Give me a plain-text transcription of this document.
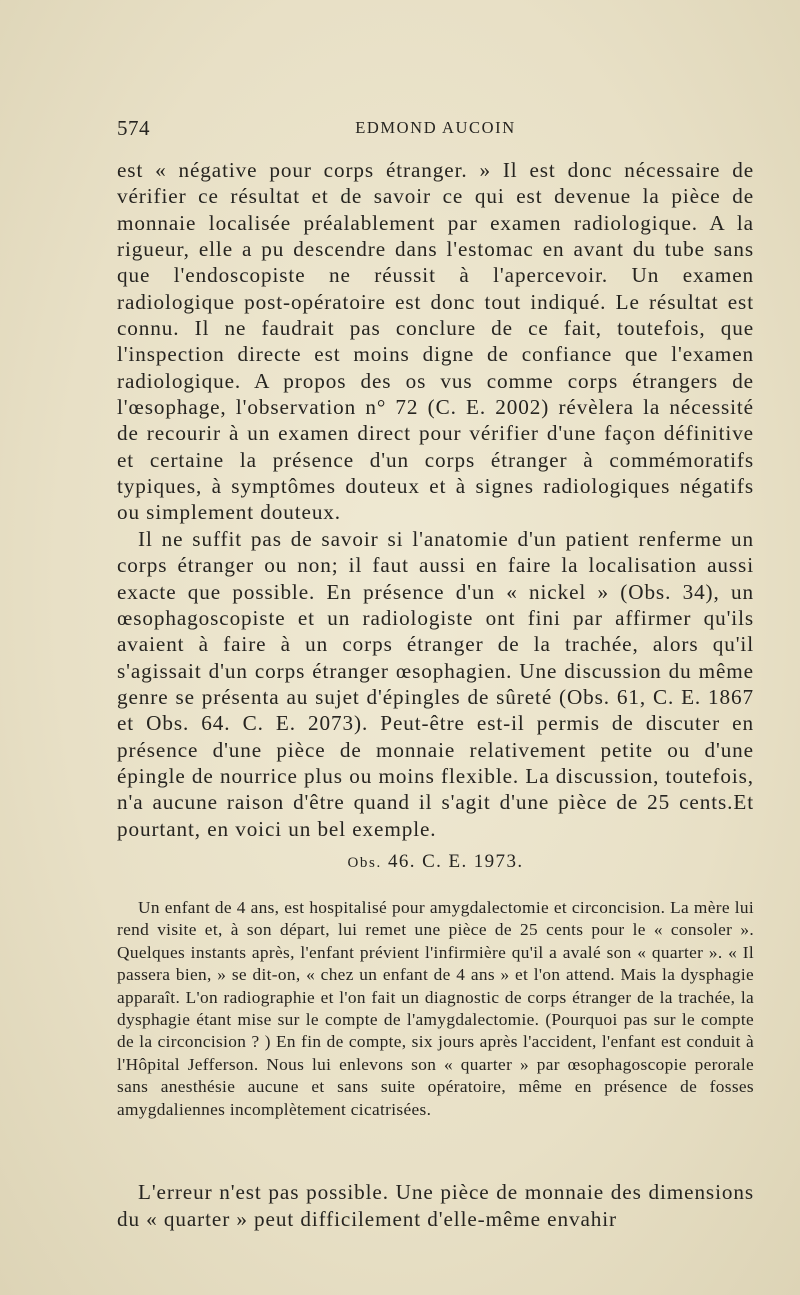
574	EDMOND AUCOIN

est « négative pour corps étranger. » Il est donc nécessaire de vérifier ce résultat et de savoir ce qui est devenue la pièce de monnaie localisée préalablement par examen radiologique. A la rigueur, elle a pu descendre dans l'estomac en avant du tube sans que l'endoscopiste ne réussit à l'apercevoir. Un examen radiologique post-opératoire est donc tout indiqué. Le résultat est connu. Il ne faudrait pas conclure de ce fait, toutefois, que l'inspection directe est moins digne de confiance que l'examen radiologique. A propos des os vus comme corps étrangers de l'œsophage, l'observation n° 72 (C. E. 2002) révèlera la nécessité de recourir à un examen direct pour vérifier d'une façon définitive et certaine la présence d'un corps étranger à commémoratifs typiques, à symptômes douteux et à signes radiologiques négatifs ou simplement douteux.

Il ne suffit pas de savoir si l'anatomie d'un patient renferme un corps étranger ou non; il faut aussi en faire la localisation aussi exacte que possible. En présence d'un « nickel » (Obs. 34), un œsophagoscopiste et un radiologiste ont fini par affirmer qu'ils avaient à faire à un corps étranger de la trachée, alors qu'il s'agissait d'un corps étranger œsophagien. Une discussion du même genre se présenta au sujet d'épingles de sûreté (Obs. 61, C. E. 1867 et Obs. 64. C. E. 2073). Peut-être est-il permis de discuter en présence d'une pièce de monnaie relativement petite ou d'une épingle de nourrice plus ou moins flexible. La discussion, toutefois, n'a aucune raison d'être quand il s'agit d'une pièce de 25 cents.Et pourtant, en voici un bel exemple.

Obs. 46. C. E. 1973.

Un enfant de 4 ans, est hospitalisé pour amygdalectomie et circoncision. La mère lui rend visite et, à son départ, lui remet une pièce de 25 cents pour le « consoler ». Quelques instants après, l'enfant prévient l'infirmière qu'il a avalé son « quarter ». « Il passera bien, » se dit-on, « chez un enfant de 4 ans » et l'on attend. Mais la dysphagie apparaît. L'on radiographie et l'on fait un diagnostic de corps étranger de la trachée, la dysphagie étant mise sur le compte de l'amygdalectomie. (Pourquoi pas sur le compte de la circoncision ? ) En fin de compte, six jours après l'accident, l'enfant est conduit à l'Hôpital Jefferson. Nous lui enlevons son « quarter » par œsophagoscopie perorale sans anesthésie aucune et sans suite opératoire, même en présence de fosses amygdaliennes incomplètement cicatrisées.

L'erreur n'est pas possible. Une pièce de monnaie des dimensions du « quarter » peut difficilement d'elle-même envahir
